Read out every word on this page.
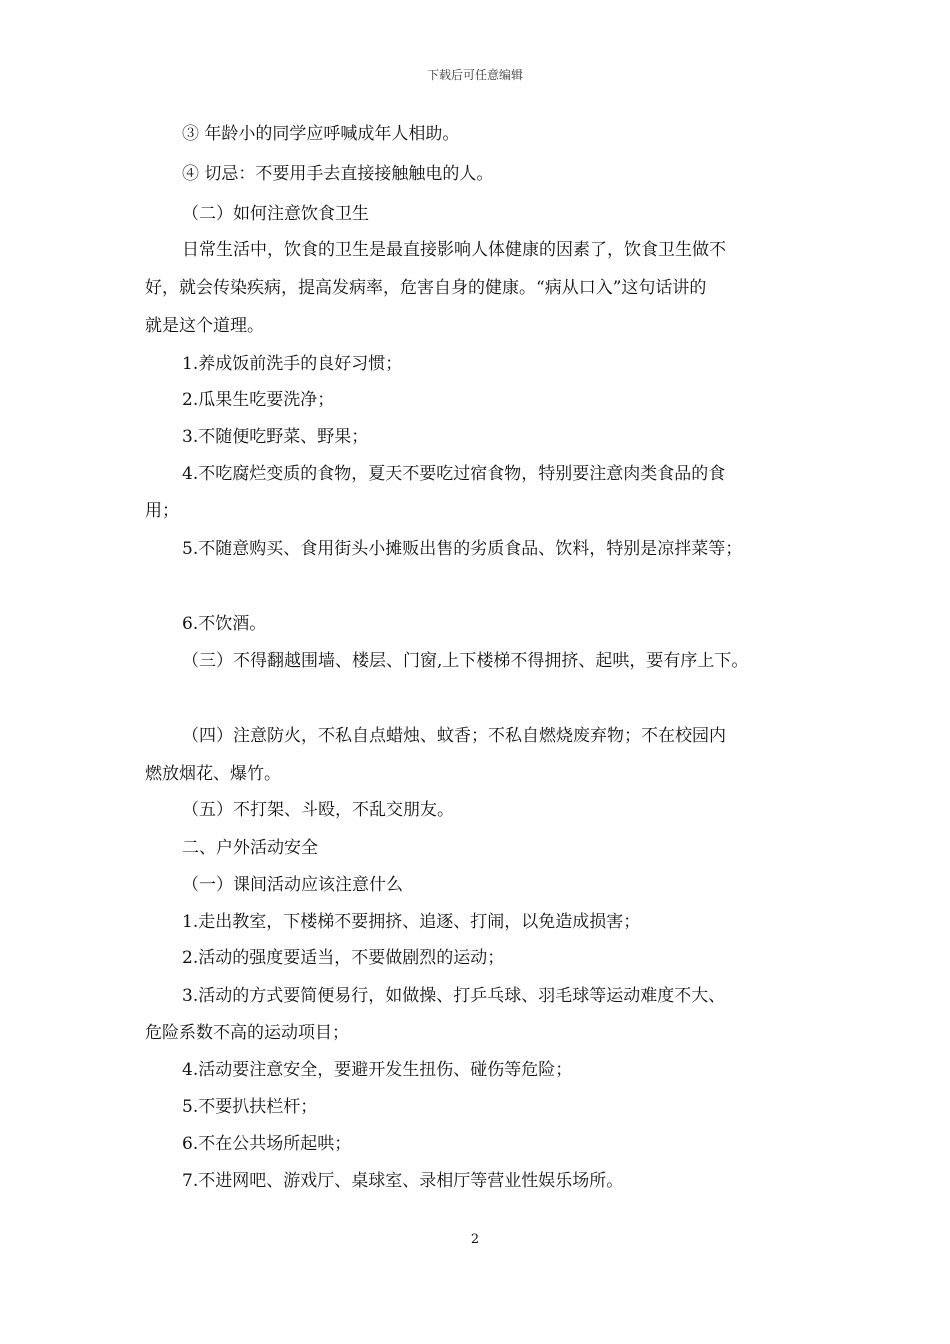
下载后可任意编辑
③ 年龄小的同学应呼喊成年人相助。
④ 切忌：不要用手去直接接触触电的人。
（二）如何注意饮食卫生
日常生活中，饮食的卫生是最直接影响人体健康的因素了，饮食卫生做不
好，就会传染疾病，提高发病率，危害自身的健康。“病从口入”这句话讲的
就是这个道理。
1.养成饭前洗手的良好习惯；
2.瓜果生吃要洗净；
3.不随便吃野菜、野果；
4.不吃腐烂变质的食物，夏天不要吃过宿食物，特别要注意肉类食品的食
用；
5.不随意购买、食用街头小摊贩出售的劣质食品、饮料，特别是凉拌菜等；
6.不饮酒。
（三）不得翻越围墙、楼层、门窗,上下楼梯不得拥挤、起哄，要有序上下。
（四）注意防火，不私自点蜡烛、蚊香；不私自燃烧废弃物；不在校园内
燃放烟花、爆竹。
（五）不打架、斗殴，不乱交朋友。
二、户外活动安全
（一）课间活动应该注意什么
1.走出教室，下楼梯不要拥挤、追逐、打闹，以免造成损害；
2.活动的强度要适当，不要做剧烈的运动；
3.活动的方式要简便易行，如做操、打乒乓球、羽毛球等运动难度不大、
危险系数不高的运动项目；
4.活动要注意安全，要避开发生扭伤、碰伤等危险；
5.不要扒扶栏杆；
6.不在公共场所起哄；
7.不进网吧、游戏厅、桌球室、录相厅等营业性娱乐场所。
2
